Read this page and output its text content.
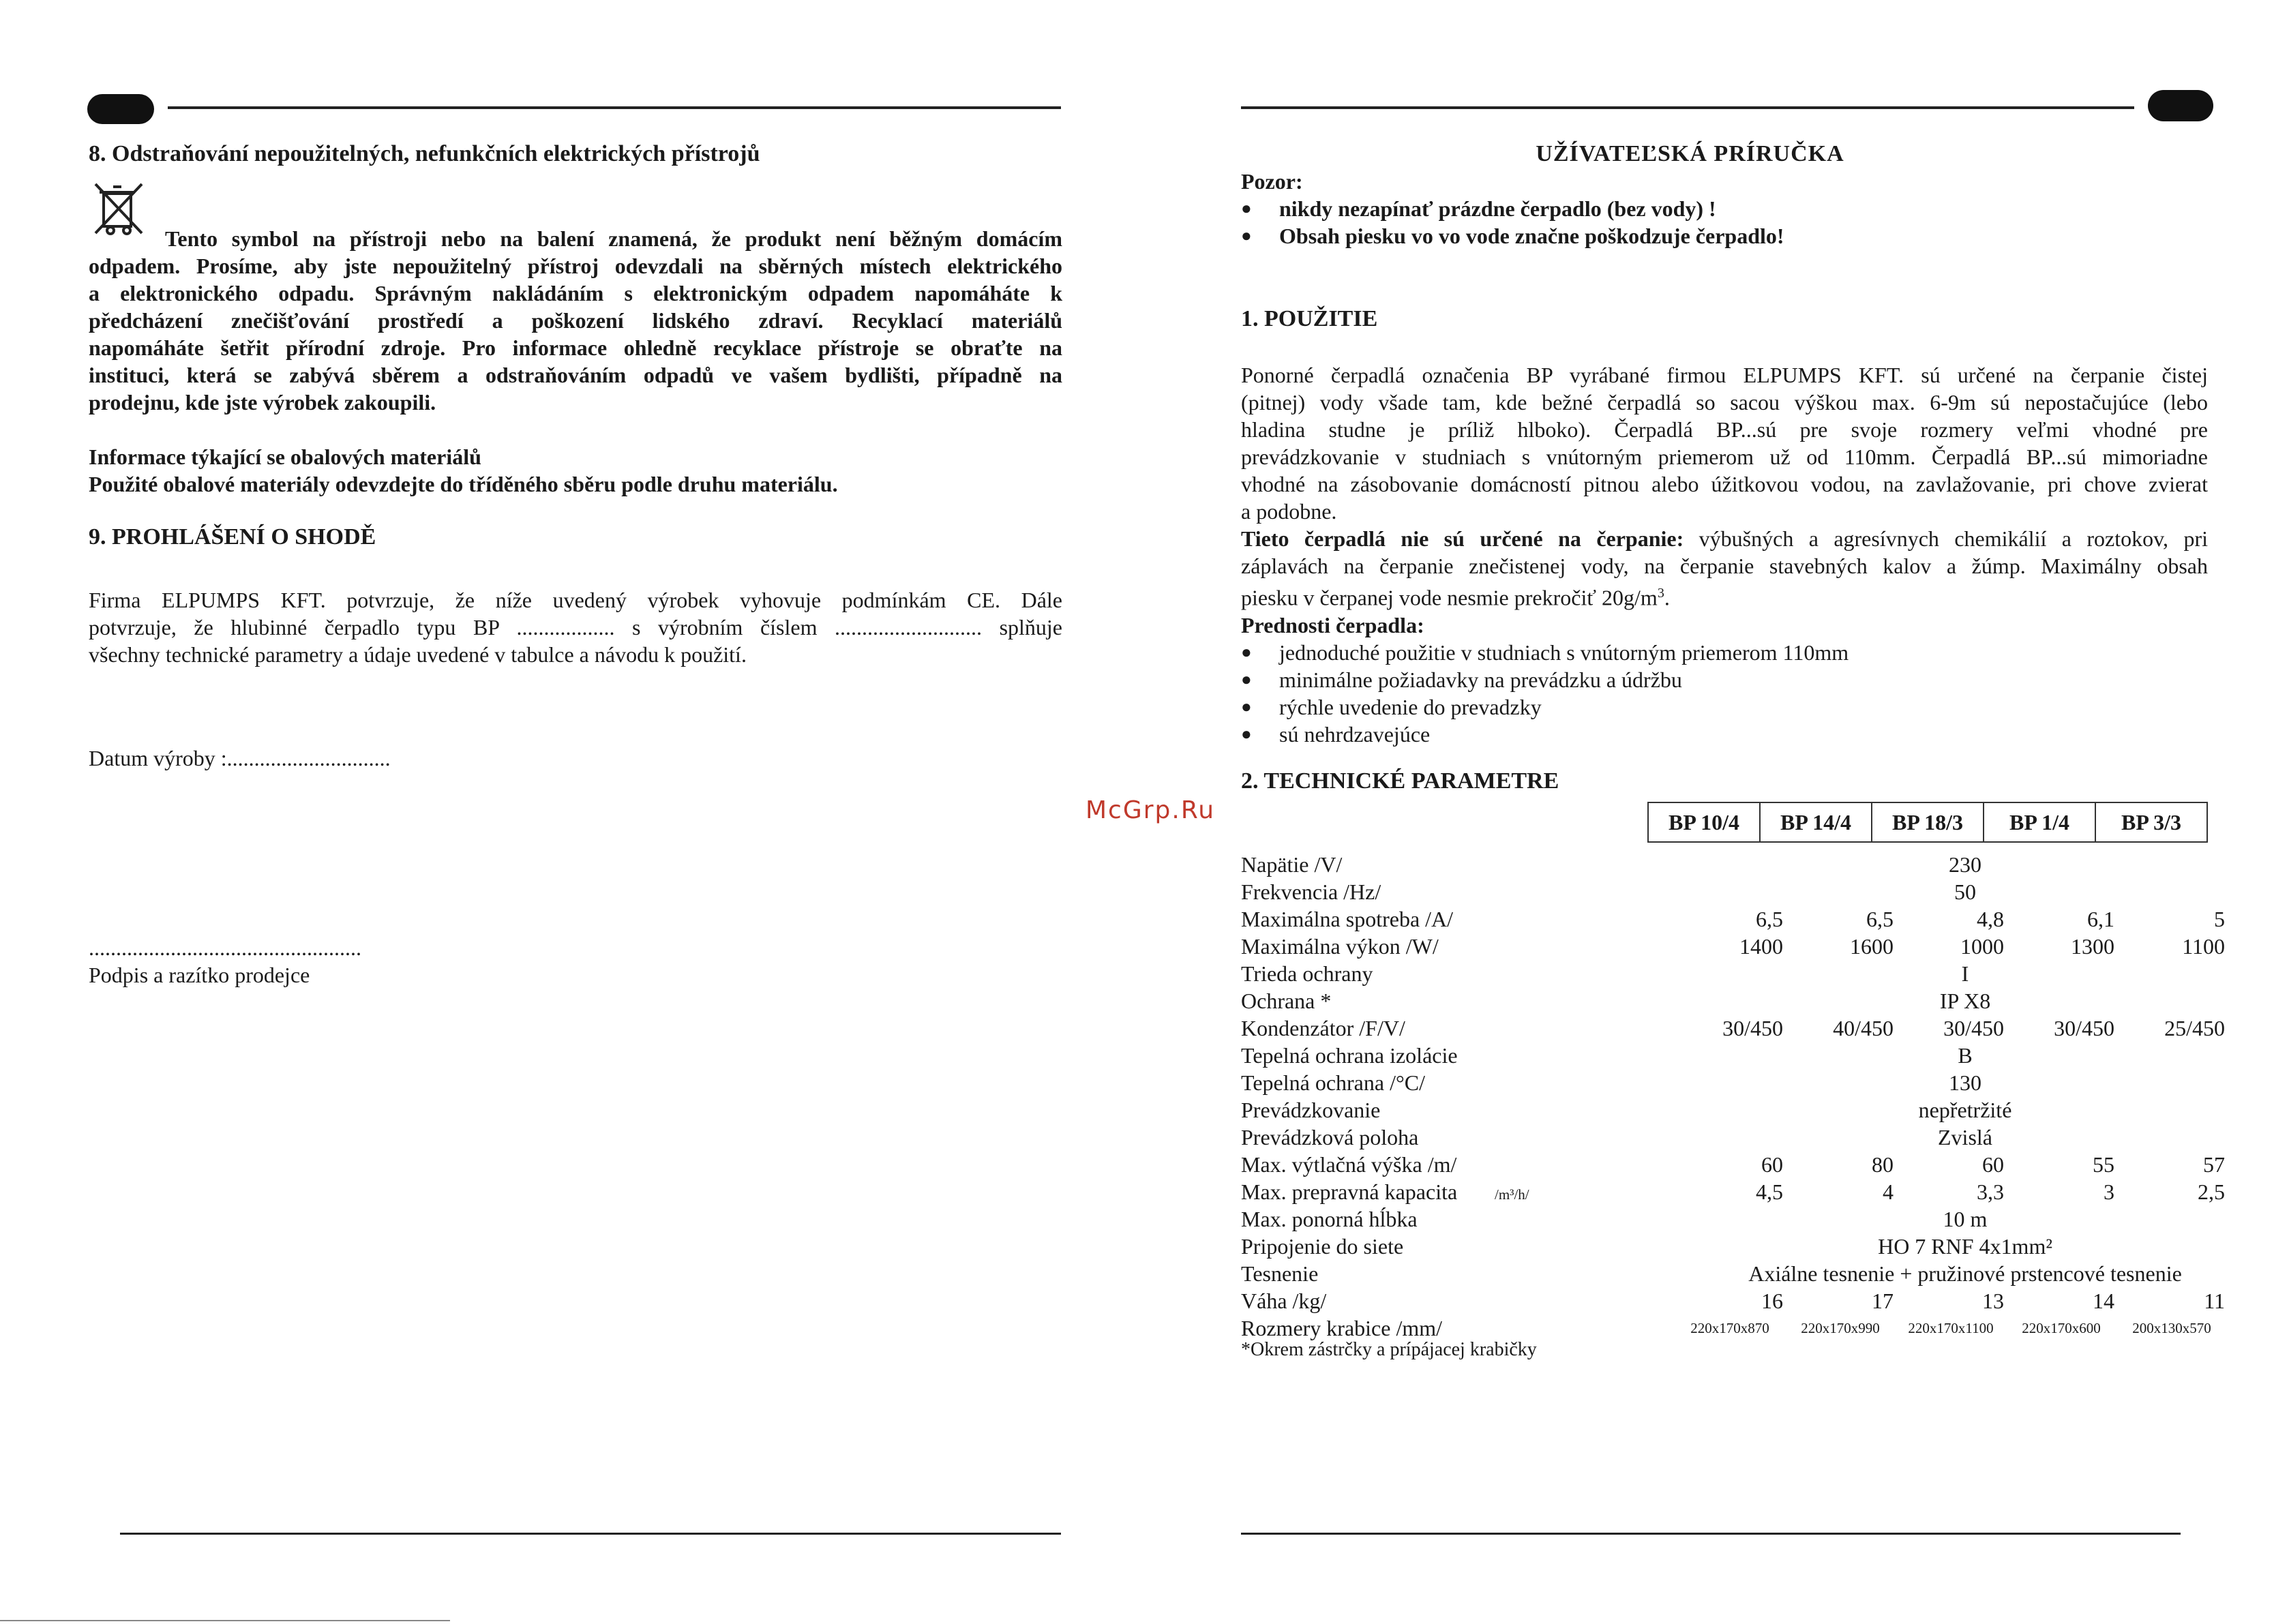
8. Odstraňování nepoužitelných, nefunkčních elektrických přístrojů

Tento symbol na přístroji nebo na balení znamená, že produkt není běžným domácím

odpadem. Prosíme, aby jste nepoužitelný přístroj odevzdali na sběrných místech elektrického

a elektronického odpadu. Správným nakládáním s elektronickým odpadem napomáháte k

předcházení znečišťování prostředí a poškození lidského zdraví. Recyklací materiálů

napomáháte šetřit přírodní zdroje. Pro informace ohledně recyklace přístroje se obraťte na

instituci, která se zabývá sběrem a odstraňováním odpadů ve vašem bydlišti, případně na

prodejnu, kde jste výrobek zakoupili.

Informace týkající se obalových materiálů

Použité obalové materiály odevzdejte do tříděného sběru podle druhu materiálu.

9. PROHLÁŠENÍ O SHODĚ

Firma ELPUMPS KFT. potvrzuje, že níže uvedený výrobek vyhovuje podmínkám CE. Dále

potvrzuje, že hlubinné čerpadlo typu BP .................. s výrobním číslem ........................... splňuje

všechny technické parametry a údaje uvedené v tabulce a návodu k použití.

Datum výroby :..............................

..................................................

Podpis a razítko prodejce

McGrp.Ru

UŽÍVATEĽSKÁ PRÍRUČKA

Pozor:

● nikdy nezapínať prázdne čerpadlo (bez vody) !
● Obsah piesku vo vo vode značne poškodzuje čerpadlo!

1. POUŽITIE

Ponorné čerpadlá označenia BP vyrábané firmou ELPUMPS KFT. sú určené na čerpanie čistej

(pitnej) vody všade tam, kde bežné čerpadlá so sacou výškou max. 6-9m sú nepostačujúce (lebo

hladina studne je príliž hlboko). Čerpadlá BP...sú pre svoje rozmery veľmi vhodné pre

prevádzkovanie v studniach s vnútorným priemerom už od 110mm. Čerpadlá BP...sú mimoriadne

vhodné na zásobovanie domácností pitnou alebo úžitkovou vodou, na zavlažovanie, pri chove zvierat

a podobne.

Tieto čerpadlá nie sú určené na čerpanie: výbušných a agresívnych chemikálií a roztokov, pri

záplavách na čerpanie znečistenej vody, na čerpanie stavebných kalov a žúmp. Maximálny obsah

piesku v čerpanej vode nesmie prekročiť $20g/m^3$.

Prednosti čerpadla:

● jednoduché použitie v studniach s vnútorným priemerom 110mm
● minimálne požiadavky na prevádzku a údržbu
● rýchle uvedenie do prevadzky
● sú nehrdzavejúce

2. TECHNICKÉ PARAMETRE

BP 10/4	BP 14/4	BP 18/3	BP 1/4	BP 3/3
Napätie /V/	230
Frekvencia /Hz/	50
Maximálna spotreba /A/	6,5	6,5	4,8	6,1	5
Maximálna výkon /W/	1400	1600	1000	1300	1100
Trieda ochrany	I
Ochrana *	IP X8
Kondenzátor /F/V/	30/450	40/450	30/450	30/450	25/450
Tepelná ochrana izolácie	B
Tepelná ochrana /°C/	130
Prevádzkovanie	nepřetržité
Prevádzková poloha	Zvislá
Max. výtlačná výška /m/	60	80	60	55	57
Max. prepravná kapacita	/m³/h/	4,5	4	3,3	3	2,5
Max. ponorná hĺbka	10 m
Pripojenie do siete	HO 7 RNF 4x1mm²
Tesnenie	Axiálne tesnenie + pružinové prstencové tesnenie
Váha /kg/	16	17	13	14	11
Rozmery krabice /mm/	220x170x870	220x170x990	220x170x1100	220x170x600	200x130x570

*Okrem zástrčky a prípájacej krabičky
